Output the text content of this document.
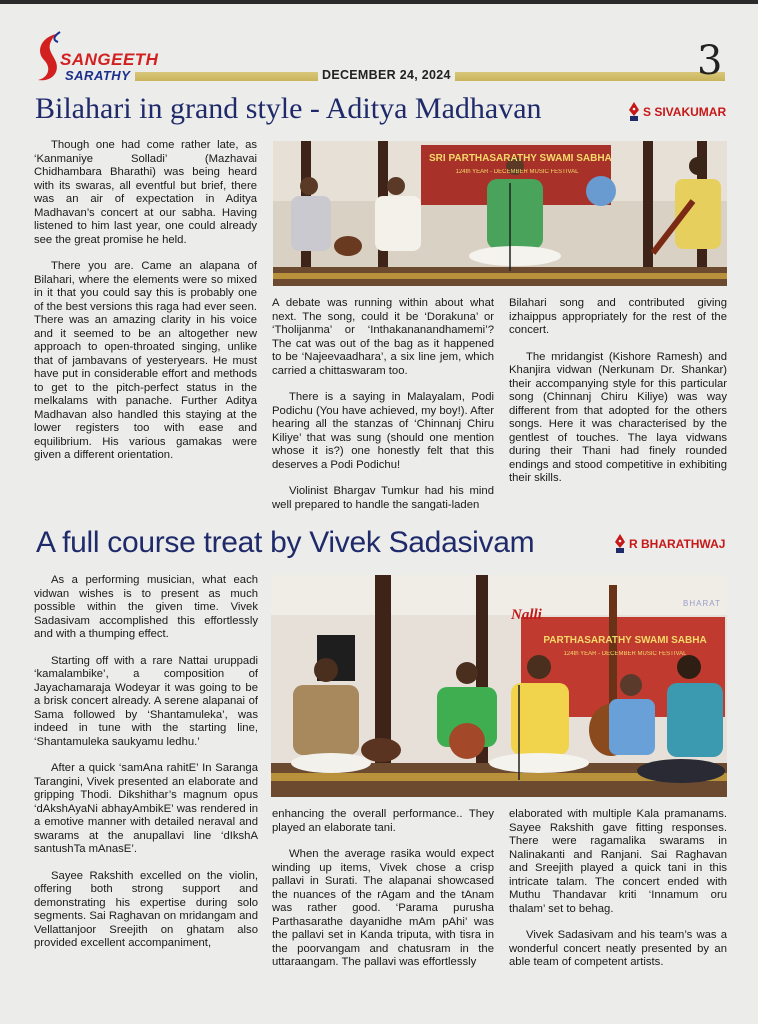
SANGEETH
SARATHY	DECEMBER 24, 2024	3
Bilahari in grand style - Aditya Madhavan	S SIVAKUMAR

Though one had come rather late, as ‘Kanmaniye Solladi’ (Mazhavai Chidhambara Bharathi) was being heard with its swaras, all eventful but brief, there was an air of expectation in Aditya Madhavan’s concert at our sabha. Having listened to him last year, one could already see the great promise he held.

There you are. Came an alapana of Bilahari, where the elements were so mixed in it that you could say this is probably one of the best versions this raga had ever seen. There was an amazing clarity in his voice and it seemed to be an altogether new approach to open-throated singing, unlike that of jambavans of yesteryears. He must have put in considerable effort and methods to get to the pitch-perfect status in the melkalams with panache. Further Aditya Madhavan also handled this staying at the lower registers too with ease and equilibrium. His various gamakas were given a different orientation.

SRI PARTHASARATHY SWAMI SABHA
124th YEAR - DECEMBER MUSIC FESTIVAL

A debate was running within about what next. The song, could it be ‘Dorakuna’ or ‘Tholijanma’ or ‘Inthakananandhamemi’? The cat was out of the bag as it happened to be ‘Najeevaadhara’, a six line jem, which carried a chittaswaram too.

There is a saying in Malayalam, Podi Podichu (You have achieved, my boy!). After hearing all the stanzas of ‘Chinnanj Chiru Kiliye’ that was sung (should one mention whose it is?) one honestly felt that this deserves a Podi Podichu!

Violinist Bhargav Tumkur had his mind well prepared to handle the sangati-laden

Bilahari song and contributed giving izhaippus appropriately for the rest of the concert.

The mridangist (Kishore Ramesh) and Khanjira vidwan (Nerkunam Dr. Shankar) their accompanying style for this particular song (Chinnanj Chiru Kiliye) was way different from that adopted for the others songs. Here it was characterised by the gentlest of touches. The laya vidwans during their Thani had finely rounded endings and stood competitive in exhibiting their skills.

A full course treat by Vivek Sadasivam	R BHARATHWAJ

As a performing musician, what each vidwan wishes is to present as much possible within the given time. Vivek Sadasivam accomplished this effortlessly and with a thumping effect.

Starting off with a rare Nattai uruppadi ‘kamalambike’, a composition of Jayachamaraja Wodeyar it was going to be a brisk concert already. A serene alapanai of Sama followed by ‘Shantamuleka’, was indeed in tune with the starting line, ‘Shantamuleka saukyamu ledhu.’

After a quick ‘samAna rahitE’ In Saranga Tarangini, Vivek presented an elaborate and gripping Thodi. Dikshithar’s magnum opus ‘dAkshAyaNi abhayAmbikE’ was rendered in a emotive manner with detailed neraval and swarams at the anupallavi line ‘dIkshA santushTa mAnasE’.

Sayee Rakshith excelled on the violin, offering both strong support and demonstrating his expertise during solo segments. Sai Raghavan on mridangam and Vellattanjoor Sreejith on ghatam also provided excellent accompaniment,

Nalli
BHARAT
PARTHASARATHY SWAMI SABHA
124th YEAR - DECEMBER MUSIC FESTIVAL

enhancing the overall performance.. They played an elaborate tani.

When the average rasika would expect winding up items, Vivek chose a crisp pallavi in Surati. The alapanai showcased the nuances of the rAgam and the tAnam was rather good. ‘Parama purusha Parthasarathe dayanidhe mAm pAhi’ was the pallavi set in Kanda triputa, with tisra in the poorvangam and chatusram in the uttaraangam. The pallavi was effortlessly

elaborated with multiple Kala pramanams. Sayee Rakshith gave fitting responses. There were ragamalika swarams in Nalinakanti and Ranjani. Sai Raghavan and Sreejith played a quick tani in this intricate talam. The concert ended with Muthu Thandavar kriti ‘Innamum oru thalam’ set to behag.

Vivek Sadasivam and his team’s was a wonderful concert neatly presented by an able team of competent artists.
